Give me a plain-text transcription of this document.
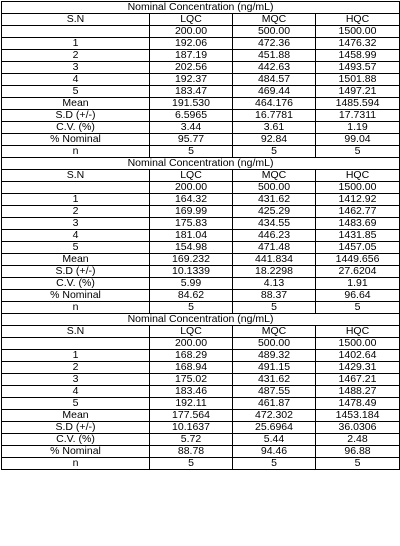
Nominal Concentration (ng/mL)			
S.N	LQC	MQC	HQC
	200.00	500.00	1500.00
1	192.06	472.36	1476.32
2	187.19	451.88	1458.99
3	202.56	442.63	1493.57
4	192.37	484.57	1501.88
5	183.47	469.44	1497.21
Mean	191.530	464.176	1485.594
S.D (+/-)	6.5965	16.7781	17.7311
C.V. (%)	3.44	3.61	1.19
% Nominal	95.77	92.84	99.04
n	5	5	5
Nominal Concentration (ng/mL)			
S.N	LQC	MQC	HQC
	200.00	500.00	1500.00
1	164.32	431.62	1412.92
2	169.99	425.29	1462.77
3	175.83	434.55	1483.69
4	181.04	446.23	1431.85
5	154.98	471.48	1457.05
Mean	169.232	441.834	1449.656
S.D (+/-)	10.1339	18.2298	27.6204
C.V. (%)	5.99	4.13	1.91
% Nominal	84.62	88.37	96.64
n	5	5	5
Nominal Concentration (ng/mL)			
S.N	LQC	MQC	HQC
	200.00	500.00	1500.00
1	168.29	489.32	1402.64
2	168.94	491.15	1429.31
3	175.02	431.62	1467.21
4	183.46	487.55	1488.27
5	192.11	461.87	1478.49
Mean	177.564	472.302	1453.184
S.D (+/-)	10.1637	25.6964	36.0306
C.V. (%)	5.72	5.44	2.48
% Nominal	88.78	94.46	96.88
n	5	5	5
